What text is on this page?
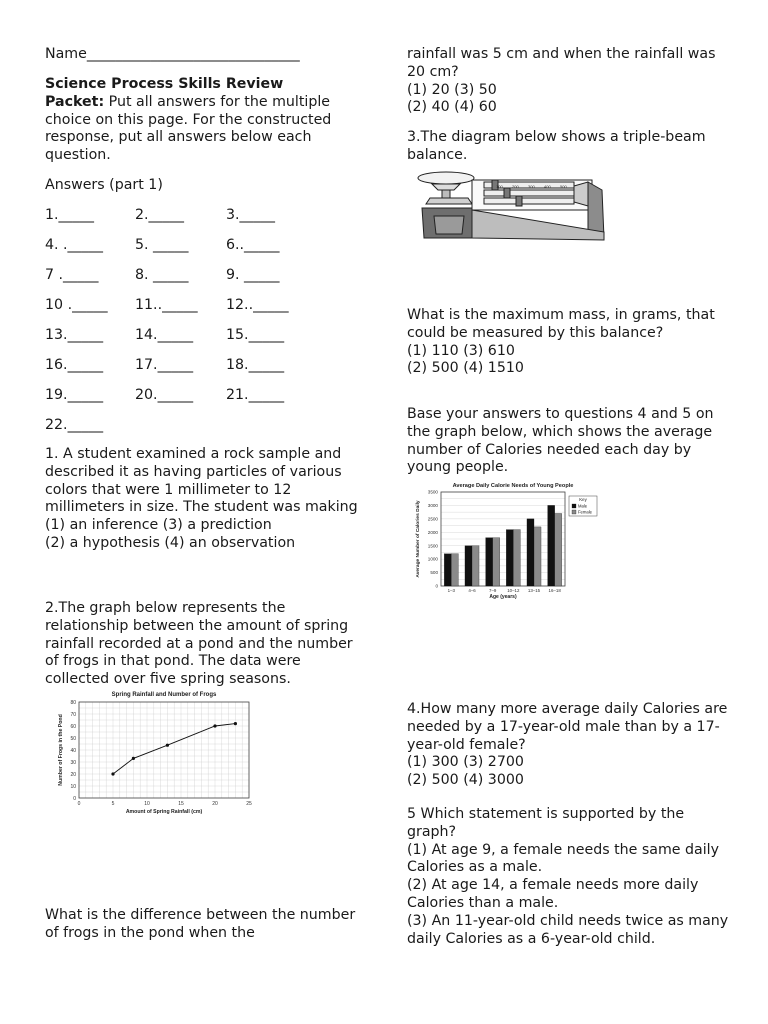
Name______________________________

Science Process Skills Review
Packet: Put all answers for the multiple choice on this page. For the constructed response, put all answers below each question.

Answers (part 1)

1._____	2._____	3._____
4. ._____ 5. _____	6.._____
7 ._____	8. _____	9. _____
10 ._____ 11.._____ 12.._____
13._____ 14._____ 15._____
16._____ 17._____ 18._____
19._____ 20._____ 21._____
22._____

1. A student examined a rock sample and described it as having particles of various colors that were 1 millimeter to 12 millimeters in size. The student was making

(1) an inference (3) a prediction

(2) a hypothesis (4) an observation

2.The graph below represents the relationship between the amount of spring rainfall recorded at a pond and the number of frogs in that pond. The data were collected over five spring seasons.

Spring Rainfall and Number of Frogs
0	5	10	15	20	25
0
10
20
30
40
50
60
70
80
Amount of Spring Rainfall (cm)
Number of Frogs in the Pond

What is the difference between the number of frogs in the pond when the

rainfall was 5 cm and when the rainfall was 20 cm?

(1) 20 (3) 50

(2) 40 (4) 60

3.The diagram below shows a triple-beam balance.

100 200 300 400 500

What is the maximum mass, in grams, that could be measured by this balance?

(1) 110 (3) 610

(2) 500 (4) 1510

Base your answers to questions 4 and 5 on the graph below, which shows the average number of Calories needed each day by young people.

Average Daily Calorie Needs of Young People
0
500
1000
1500
2000
2500
3000
3500
1–3	4–6	7–9 10–12 13–15 16–18
Age (years)
Average Number of Calories Daily
Key
Male
Female

4.How many more average daily Calories are needed by a 17-year-old male than by a 17-year-old female?

(1) 300 (3) 2700

(2) 500 (4) 3000

5 Which statement is supported by the graph?

(1) At age 9, a female needs the same daily Calories as a male.

(2) At age 14, a female needs more daily Calories than a male.

(3) An 11-year-old child needs twice as many daily Calories as a 6-year-old child.
